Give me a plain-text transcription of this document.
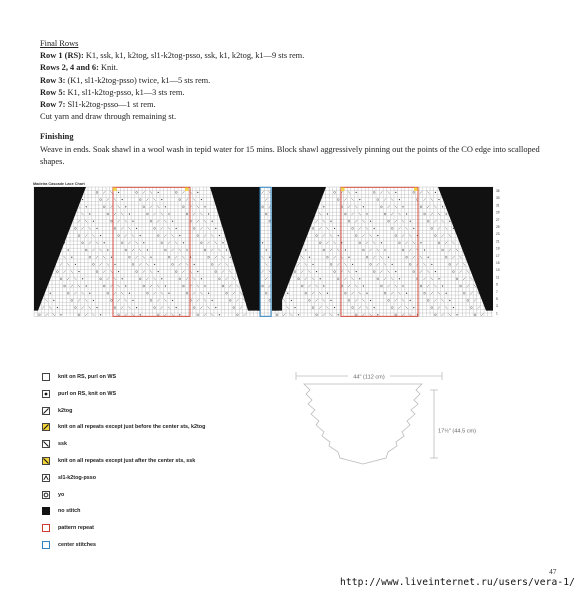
Final Rows

Row 1 (RS): K1, ssk, k1, k2tog, sl1-k2tog-psso, ssk, k1, k2tog, k1—9 sts rem.

Rows 2, 4 and 6: Knit.

Row 3: (K1, sl1-k2tog-psso) twice, k1—5 sts rem.

Row 5: K1, sl1-k2tog-psso, k1—3 sts rem.

Row 7: Sl1-k2tog-psso—1 st rem.

Cut yarn and draw through remaining st.

Finishing

Weave in ends. Soak shawl in a wool wash in tepid water for 15 mins. Block shawl aggressively pinning out the points of the CO edge into scalloped shapes.

Madeira Cascade Lace Chart
35
33
31
29
27
25
23
21
19
17
15
13
11
9
7
5
3
1
knit on RS, purl on WS
purl on RS, knit on WS
k2tog
knit on all repeats except just before the center sts, k2tog
ssk
knit on all repeats except just after the center sts, ssk
sl1-k2tog-psso
yo
no stitch
pattern repeat
center stitches
44" (112 cm)
17½" (44.5 cm)
47
http://www.liveinternet.ru/users/vera-1/
